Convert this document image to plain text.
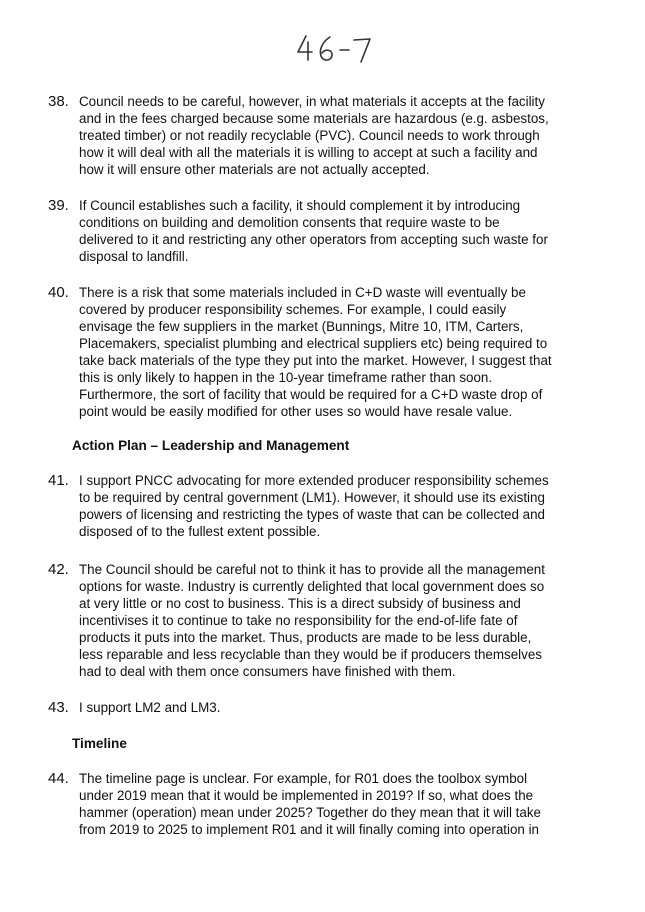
38. Council needs to be careful, however, in what materials it accepts at the facility
and in the fees charged because some materials are hazardous (e.g. asbestos,
treated timber) or not readily recyclable (PVC). Council needs to work through
how it will deal with all the materials it is willing to accept at such a facility and
how it will ensure other materials are not actually accepted.
39. If Council establishes such a facility, it should complement it by introducing
conditions on building and demolition consents that require waste to be
delivered to it and restricting any other operators from accepting such waste for
disposal to landfill.
40. There is a risk that some materials included in C+D waste will eventually be
covered by producer responsibility schemes. For example, I could easily
envisage the few suppliers in the market (Bunnings, Mitre 10, ITM, Carters,
Placemakers, specialist plumbing and electrical suppliers etc) being required to
take back materials of the type they put into the market. However, I suggest that
this is only likely to happen in the 10-year timeframe rather than soon.
Furthermore, the sort of facility that would be required for a C+D waste drop of
point would be easily modified for other uses so would have resale value.
Action Plan – Leadership and Management
41. I support PNCC advocating for more extended producer responsibility schemes
to be required by central government (LM1). However, it should use its existing
powers of licensing and restricting the types of waste that can be collected and
disposed of to the fullest extent possible.
42. The Council should be careful not to think it has to provide all the management
options for waste. Industry is currently delighted that local government does so
at very little or no cost to business. This is a direct subsidy of business and
incentivises it to continue to take no responsibility for the end-of-life fate of
products it puts into the market. Thus, products are made to be less durable,
less reparable and less recyclable than they would be if producers themselves
had to deal with them once consumers have finished with them.
43. I support LM2 and LM3.
Timeline
44. The timeline page is unclear. For example, for R01 does the toolbox symbol
under 2019 mean that it would be implemented in 2019? If so, what does the
hammer (operation) mean under 2025? Together do they mean that it will take
from 2019 to 2025 to implement R01 and it will finally coming into operation in
